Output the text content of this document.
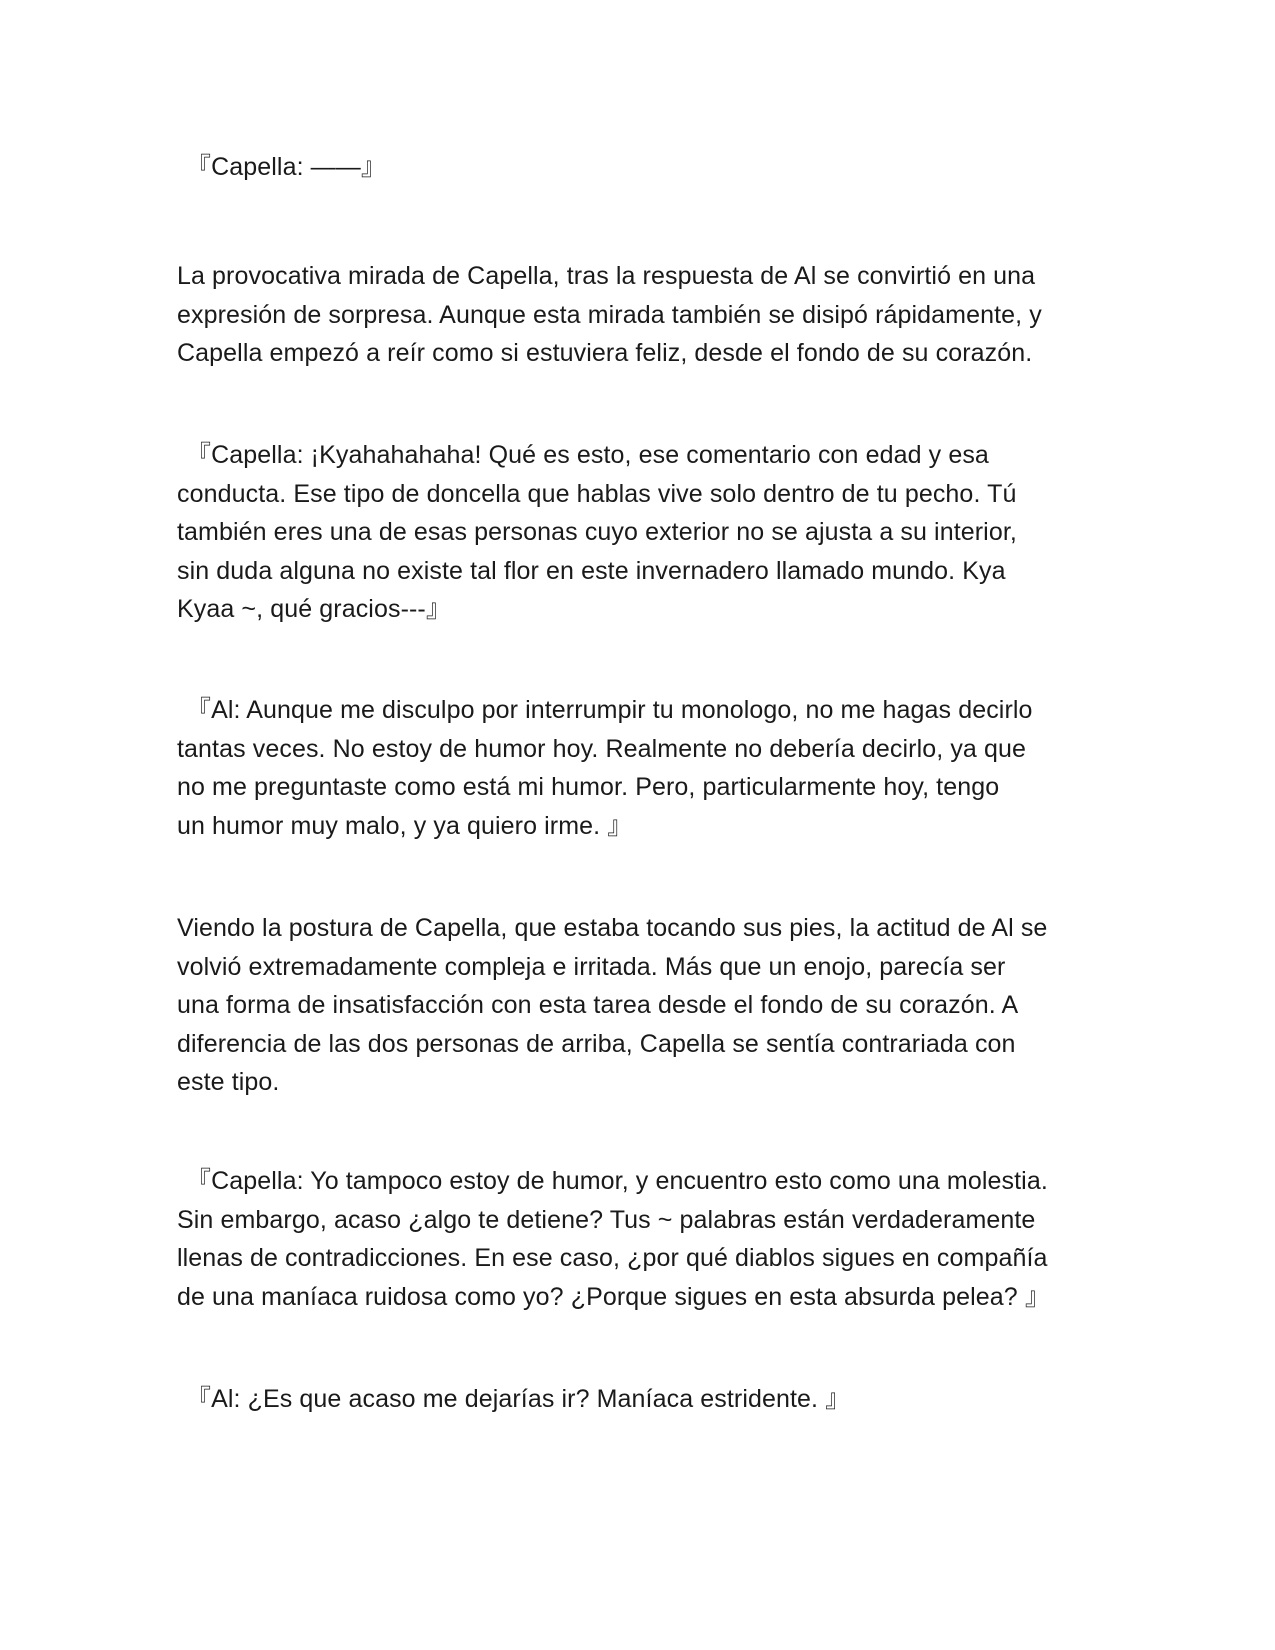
『Capella: ——』

La provocativa mirada de Capella, tras la respuesta de Al se convirtió en una
expresión de sorpresa. Aunque esta mirada también se disipó rápidamente, y
Capella empezó a reír como si estuviera feliz, desde el fondo de su corazón.

『Capella: ¡Kyahahahaha! Qué es esto, ese comentario con edad y esa
conducta. Ese tipo de doncella que hablas vive solo dentro de tu pecho. Tú
también eres una de esas personas cuyo exterior no se ajusta a su interior,
sin duda alguna no existe tal flor en este invernadero llamado mundo. Kya
Kyaa ~, qué gracios---』

『Al: Aunque me disculpo por interrumpir tu monologo, no me hagas decirlo
tantas veces. No estoy de humor hoy. Realmente no debería decirlo, ya que
no me preguntaste como está mi humor. Pero, particularmente hoy, tengo
un humor muy malo, y ya quiero irme. 』

Viendo la postura de Capella, que estaba tocando sus pies, la actitud de Al se
volvió extremadamente compleja e irritada. Más que un enojo, parecía ser
una forma de insatisfacción con esta tarea desde el fondo de su corazón. A
diferencia de las dos personas de arriba, Capella se sentía contrariada con
este tipo.

『Capella: Yo tampoco estoy de humor, y encuentro esto como una molestia.
Sin embargo, acaso ¿algo te detiene? Tus ~ palabras están verdaderamente
llenas de contradicciones. En ese caso, ¿por qué diablos sigues en compañía
de una maníaca ruidosa como yo? ¿Porque sigues en esta absurda pelea? 』

『Al: ¿Es que acaso me dejarías ir? Maníaca estridente. 』
